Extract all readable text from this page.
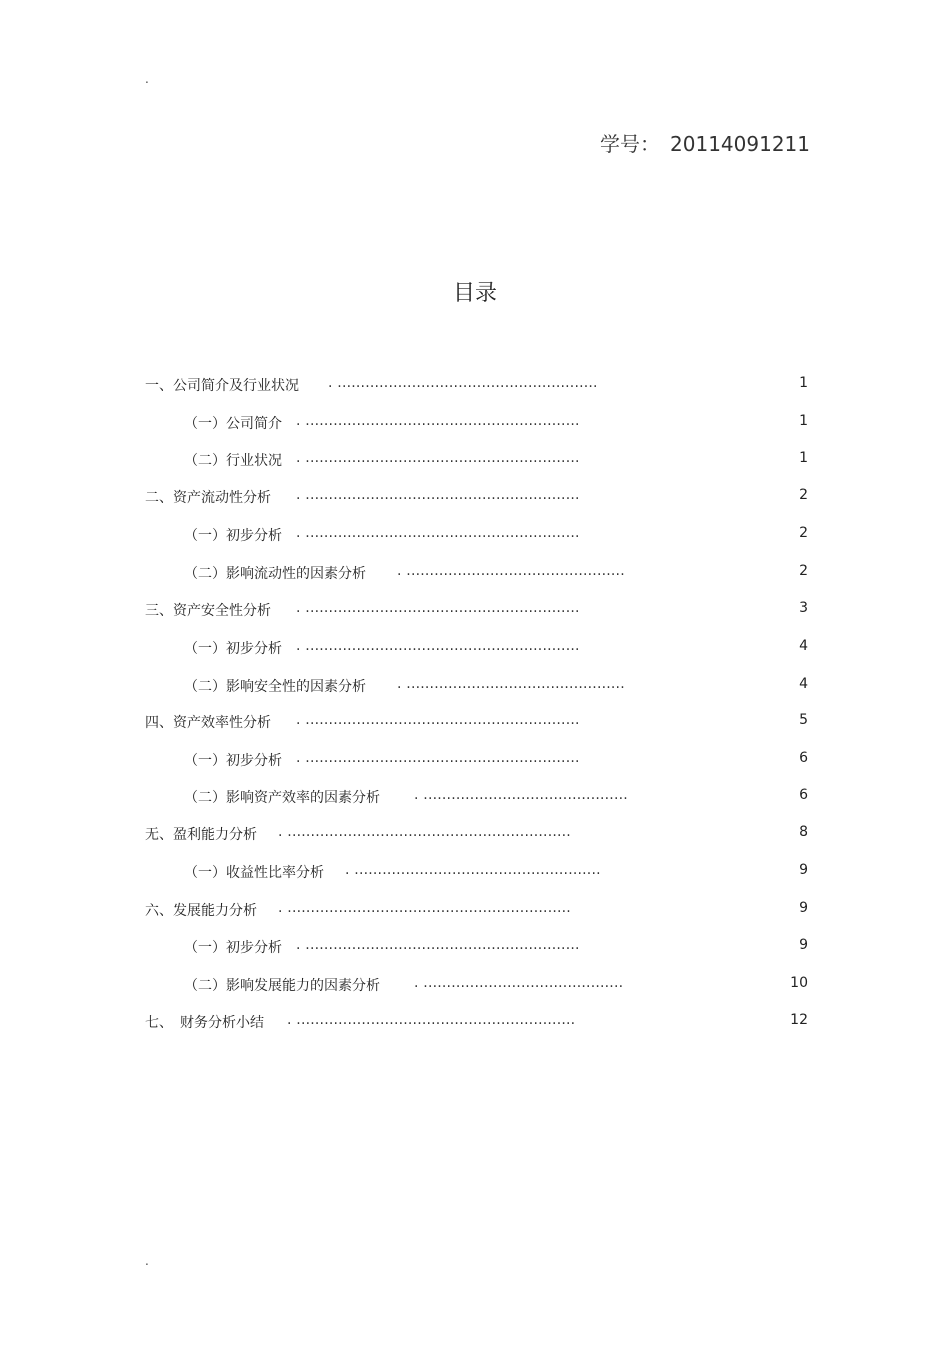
.
学号： 20114091211
目录
一、公司简介及行业状况 . ........................................................	1
（一）公司简介 . ...........................................................	1
（二）行业状况 . ...........................................................	1
二、资产流动性分析 . ...........................................................	2
（一）初步分析 . ...........................................................	2
（二）影响流动性的因素分析 . ...............................................	2
三、资产安全性分析 . ...........................................................	3
（一）初步分析 . ...........................................................	4
（二）影响安全性的因素分析 . ...............................................	4
四、资产效率性分析 . ...........................................................	5
（一）初步分析 . ...........................................................	6
（二）影响资产效率的因素分析 . ............................................	6
无、盈利能力分析 . .............................................................	8
（一）收益性比率分析 . .....................................................	9
六、发展能力分析 . .............................................................	9
（一）初步分析 . ...........................................................	9
（二）影响发展能力的因素分析 . ...........................................	10
七、　财务分析小结 . ............................................................	12
.
